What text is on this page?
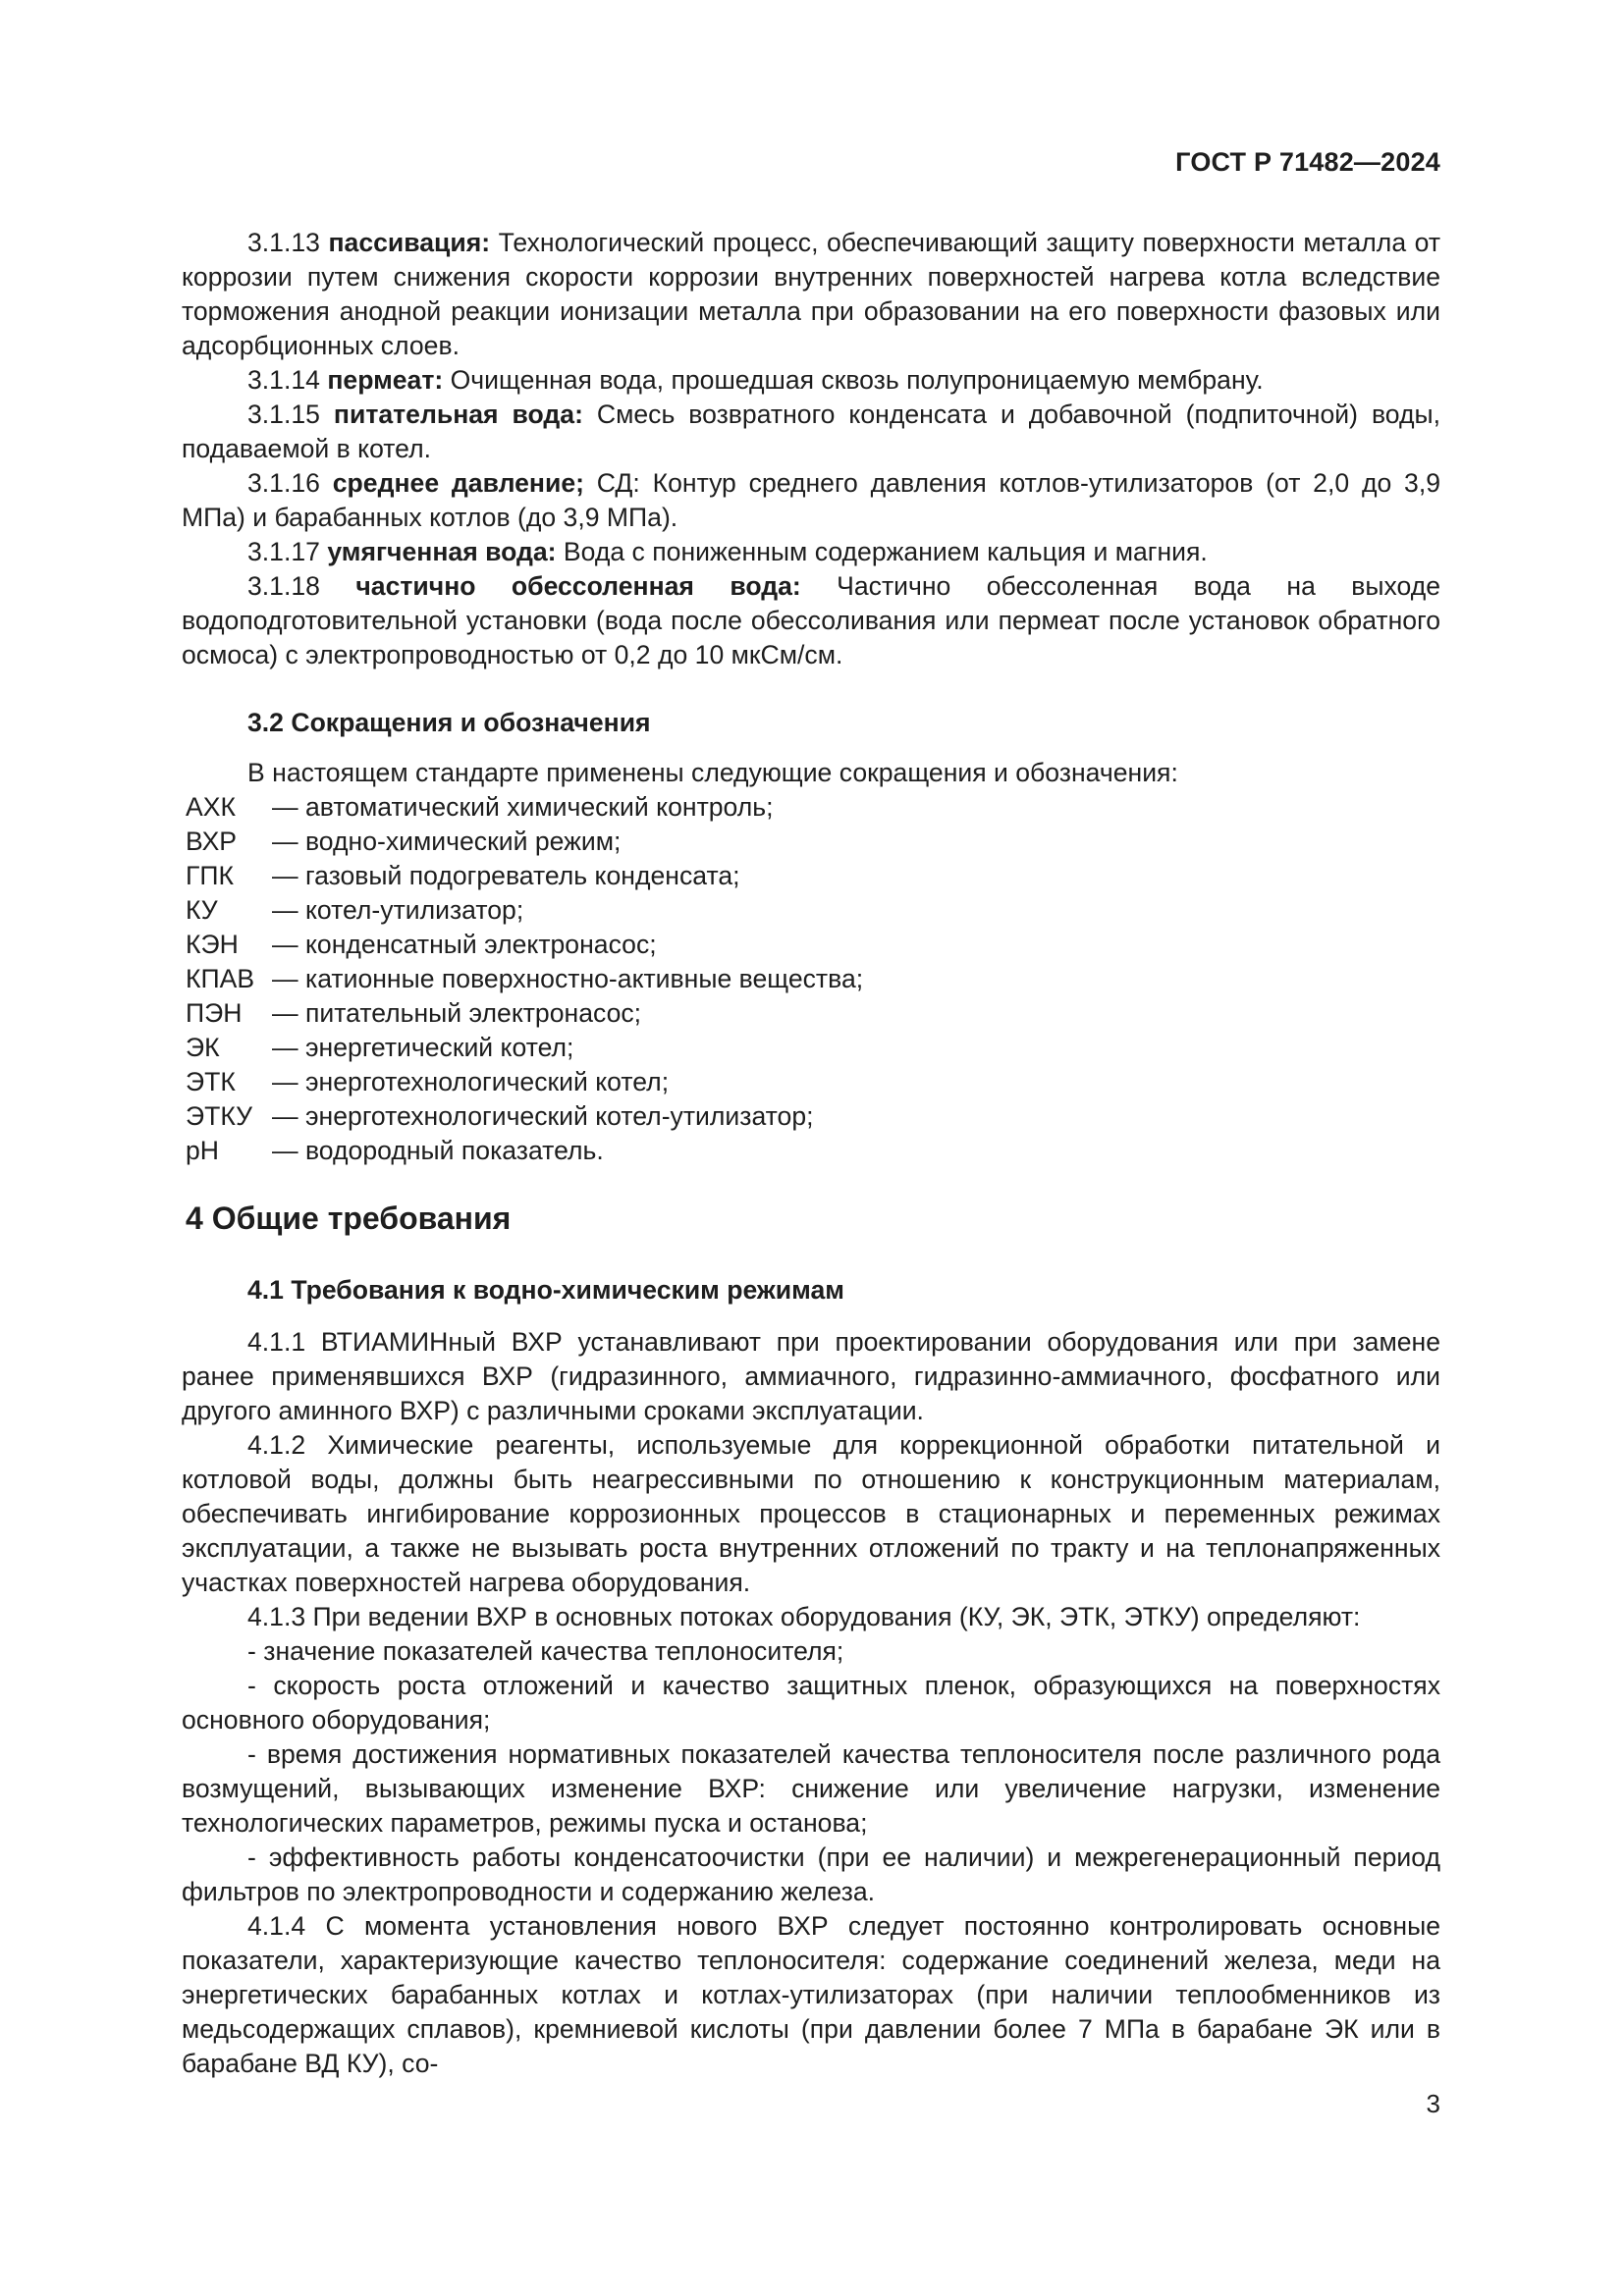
ГОСТ Р 71482—2024

3.1.13 пассивация: Технологический процесс, обеспечивающий защиту поверхности металла от коррозии путем снижения скорости коррозии внутренних поверхностей нагрева котла вследствие торможения анодной реакции ионизации металла при образовании на его поверхности фазовых или адсорбционных слоев.

3.1.14 пермеат: Очищенная вода, прошедшая сквозь полупроницаемую мембрану.

3.1.15 питательная вода: Смесь возвратного конденсата и добавочной (подпиточной) воды, подаваемой в котел.

3.1.16 среднее давление; СД: Контур среднего давления котлов-утилизаторов (от 2,0 до 3,9 МПа) и барабанных котлов (до 3,9 МПа).

3.1.17 умягченная вода: Вода с пониженным содержанием кальция и магния.

3.1.18 частично обессоленная вода: Частично обессоленная вода на выходе водоподготовительной установки (вода после обессоливания или пермеат после установок обратного осмоса) с электропроводностью от 0,2 до 10 мкСм/см.

3.2 Сокращения и обозначения

В настоящем стандарте применены следующие сокращения и обозначения:

АХК	— автоматический химический контроль;
ВХР	— водно-химический режим;
ГПК	— газовый подогреватель конденсата;
КУ	— котел-утилизатор;
КЭН	— конденсатный электронасос;
КПАВ — катионные поверхностно-активные вещества;
ПЭН	— питательный электронасос;
ЭК	— энергетический котел;
ЭТК	— энерготехнологический котел;
ЭТКУ — энерготехнологический котел-утилизатор;
pH	— водородный показатель.

4 Общие требования

4.1 Требования к водно-химическим режимам

4.1.1 ВТИАМИНный ВХР устанавливают при проектировании оборудования или при замене ранее применявшихся ВХР (гидразинного, аммиачного, гидразинно-аммиачного, фосфатного или другого аминного ВХР) с различными сроками эксплуатации.

4.1.2 Химические реагенты, используемые для коррекционной обработки питательной и котловой воды, должны быть неагрессивными по отношению к конструкционным материалам, обеспечивать ингибирование коррозионных процессов в стационарных и переменных режимах эксплуатации, а также не вызывать роста внутренних отложений по тракту и на теплонапряженных участках поверхностей нагрева оборудования.

4.1.3 При ведении ВХР в основных потоках оборудования (КУ, ЭК, ЭТК, ЭТКУ) определяют:

- значение показателей качества теплоносителя;

- скорость роста отложений и качество защитных пленок, образующихся на поверхностях основного оборудования;

- время достижения нормативных показателей качества теплоносителя после различного рода возмущений, вызывающих изменение ВХР: снижение или увеличение нагрузки, изменение технологических параметров, режимы пуска и останова;

- эффективность работы конденсатоочистки (при ее наличии) и межрегенерационный период фильтров по электропроводности и содержанию железа.

4.1.4 С момента установления нового ВХР следует постоянно контролировать основные показатели, характеризующие качество теплоносителя: содержание соединений железа, меди на энергетических барабанных котлах и котлах-утилизаторах (при наличии теплообменников из медьсодержащих сплавов), кремниевой кислоты (при давлении более 7 МПа в барабане ЭК или в барабане ВД КУ), со-

3
